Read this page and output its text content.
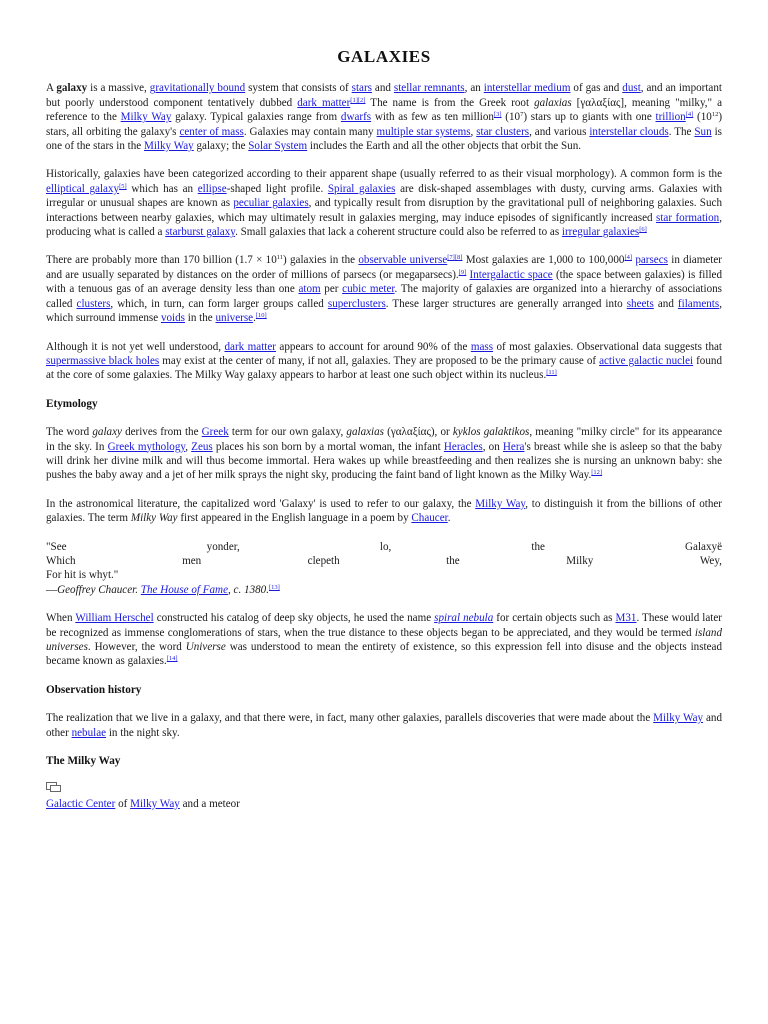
GALAXIES

A galaxy is a massive, gravitationally bound system that consists of stars and stellar remnants, an interstellar medium of gas and dust, and an important but poorly understood component tentatively dubbed dark matter[1][2] The name is from the Greek root galaxias [γαλαξίας], meaning "milky," a reference to the Milky Way galaxy. Typical galaxies range from dwarfs with as few as ten million[3] $(10^7)$ stars up to giants with one trillion[4] $(10^{12})$ stars, all orbiting the galaxy's center of mass. Galaxies may contain many multiple star systems, star clusters, and various interstellar clouds. The Sun is one of the stars in the Milky Way galaxy; the Solar System includes the Earth and all the other objects that orbit the Sun.

Historically, galaxies have been categorized according to their apparent shape (usually referred to as their visual morphology). A common form is the elliptical galaxy[5] which has an ellipse-shaped light profile. Spiral galaxies are disk-shaped assemblages with dusty, curving arms. Galaxies with irregular or unusual shapes are known as peculiar galaxies, and typically result from disruption by the gravitational pull of neighboring galaxies. Such interactions between nearby galaxies, which may ultimately result in galaxies merging, may induce episodes of significantly increased star formation, producing what is called a starburst galaxy. Small galaxies that lack a coherent structure could also be referred to as irregular galaxies[6]

There are probably more than 170 billion $(1.7 \times 10^{11})$ galaxies in the observable universe[7][8] Most galaxies are 1,000 to 100,000[4] parsecs in diameter and are usually separated by distances on the order of millions of parsecs (or megaparsecs).[9] Intergalactic space (the space between galaxies) is filled with a tenuous gas of an average density less than one atom per cubic meter. The majority of galaxies are organized into a hierarchy of associations called clusters, which, in turn, can form larger groups called superclusters. These larger structures are generally arranged into sheets and filaments, which surround immense voids in the universe.[10]

Although it is not yet well understood, dark matter appears to account for around 90% of the mass of most galaxies. Observational data suggests that supermassive black holes may exist at the center of many, if not all, galaxies. They are proposed to be the primary cause of active galactic nuclei found at the core of some galaxies. The Milky Way galaxy appears to harbor at least one such object within its nucleus.[11]

Etymology

The word galaxy derives from the Greek term for our own galaxy, galaxias (γαλαξίας), or kyklos galaktikos, meaning "milky circle" for its appearance in the sky. In Greek mythology, Zeus places his son born by a mortal woman, the infant Heracles, on Hera's breast while she is asleep so that the baby will drink her divine milk and will thus become immortal. Hera wakes up while breastfeeding and then realizes she is nursing an unknown baby: she pushes the baby away and a jet of her milk sprays the night sky, producing the faint band of light known as the Milky Way.[12]

In the astronomical literature, the capitalized word 'Galaxy' is used to refer to our galaxy, the Milky Way, to distinguish it from the billions of other galaxies. The term Milky Way first appeared in the English language in a poem by Chaucer.

"See	yonder,	lo,	the	Galaxyë
Which	men	clepeth	the	Milky	Wey,
For hit is whyt."
—Geoffrey Chaucer. The House of Fame, c. 1380.[13]

When William Herschel constructed his catalog of deep sky objects, he used the name spiral nebula for certain objects such as M31. These would later be recognized as immense conglomerations of stars, when the true distance to these objects began to be appreciated, and they would be termed island universes. However, the word Universe was understood to mean the entirety of existence, so this expression fell into disuse and the objects instead became known as galaxies.[14]

Observation history

The realization that we live in a galaxy, and that there were, in fact, many other galaxies, parallels discoveries that were made about the Milky Way and other nebulae in the night sky.

The Milky Way
Galactic Center of Milky Way and a meteor
